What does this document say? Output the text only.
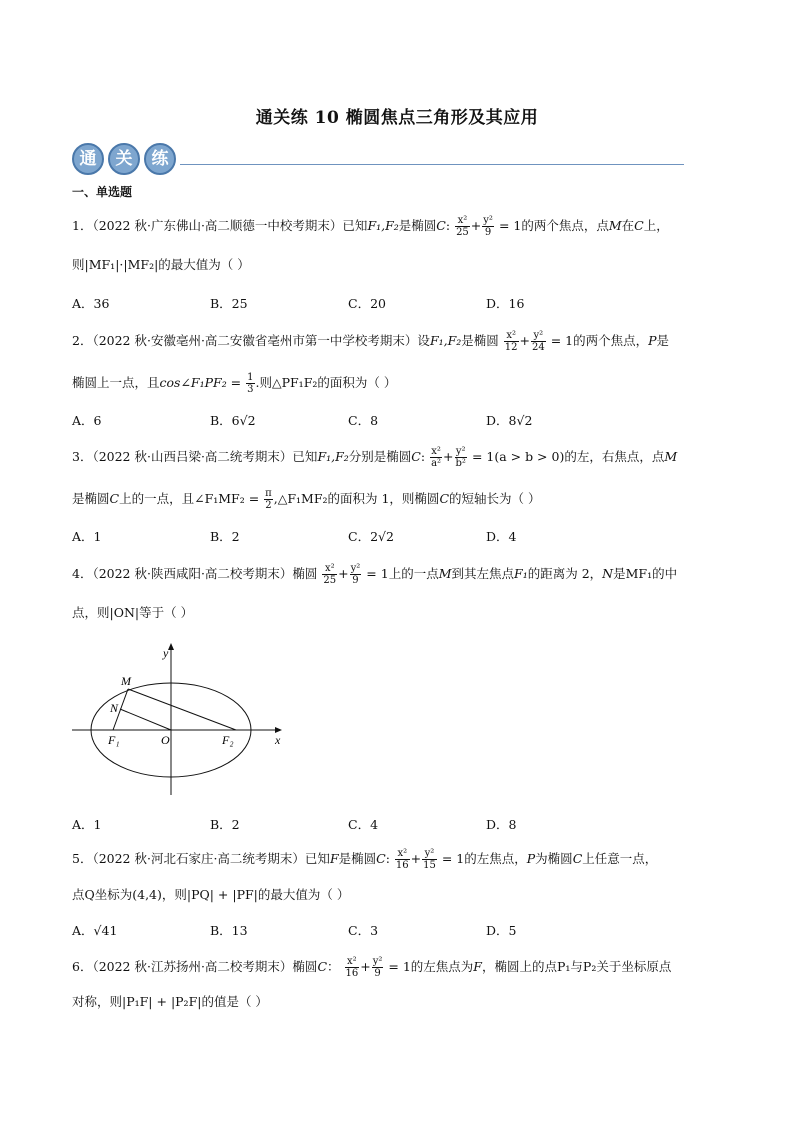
通关练 10 椭圆焦点三角形及其应用
通	关	练
一、单选题
1．（2022 秋·广东佛山·高二顺德一中校考期末）已知F₁,F₂是椭圆C: $\frac{\text{x²}}{25} + \frac{\text{y²}}{9} = 1$的两个焦点，点M在C上，
则|MF₁|·|MF₂|的最大值为（ ）
A．36	B．25	C．20	D．16
2．（2022 秋·安徽亳州·高二安徽省亳州市第一中学校考期末）设F₁,F₂是椭圆 $\frac{\text{x²}}{12} + \frac{\text{y²}}{24} = 1$的两个焦点，P是
椭圆上一点，且cos∠F₁PF₂ = $\frac{1}{3}$ .则△PF₁F₂的面积为（ ）
A．6	B．6√2	C．8	D．8√2
3．（2022 秋·山西吕梁·高二统考期末）已知F₁,F₂分别是椭圆C: $\frac{\text{x²}}{\text{a²}} + \frac{\text{y²}}{\text{b²}} = 1(a > b > 0)$的左，右焦点，点M
是椭圆C上的一点，且∠F₁MF₂ = $\frac{\pi}{2}$ ,△F₁MF₂的面积为 1，则椭圆C的短轴长为（ ）
A．1	B．2	C．2√2	D．4
4．（2022 秋·陕西咸阳·高二校考期末）椭圆 $\frac{\text{x²}}{25} + \frac{\text{y²}}{9} = 1$上的一点M到其左焦点F₁的距离为 2，N是MF₁的中
点，则|ON|等于（ ）
y
x
M
N
O
F₁	F₂
A．1	B．2	C．4	D．8
5．（2022 秋·河北石家庄·高二统考期末）已知F是椭圆C: $\frac{\text{x²}}{16} + \frac{\text{y²}}{15} = 1$的左焦点，P为椭圆C上任意一点，
点Q坐标为(4,4)，则|PQ| + |PF|的最大值为（ ）
A．√41	B．13	C．3	D．5
6．（2022 秋·江苏扬州·高二校考期末）椭圆C： $\frac{\text{x²}}{16} + \frac{\text{y²}}{9} = 1$的左焦点为F，椭圆上的点P₁与P₂关于坐标原点
对称，则|P₁F| + |P₂F|的值是（ ）
